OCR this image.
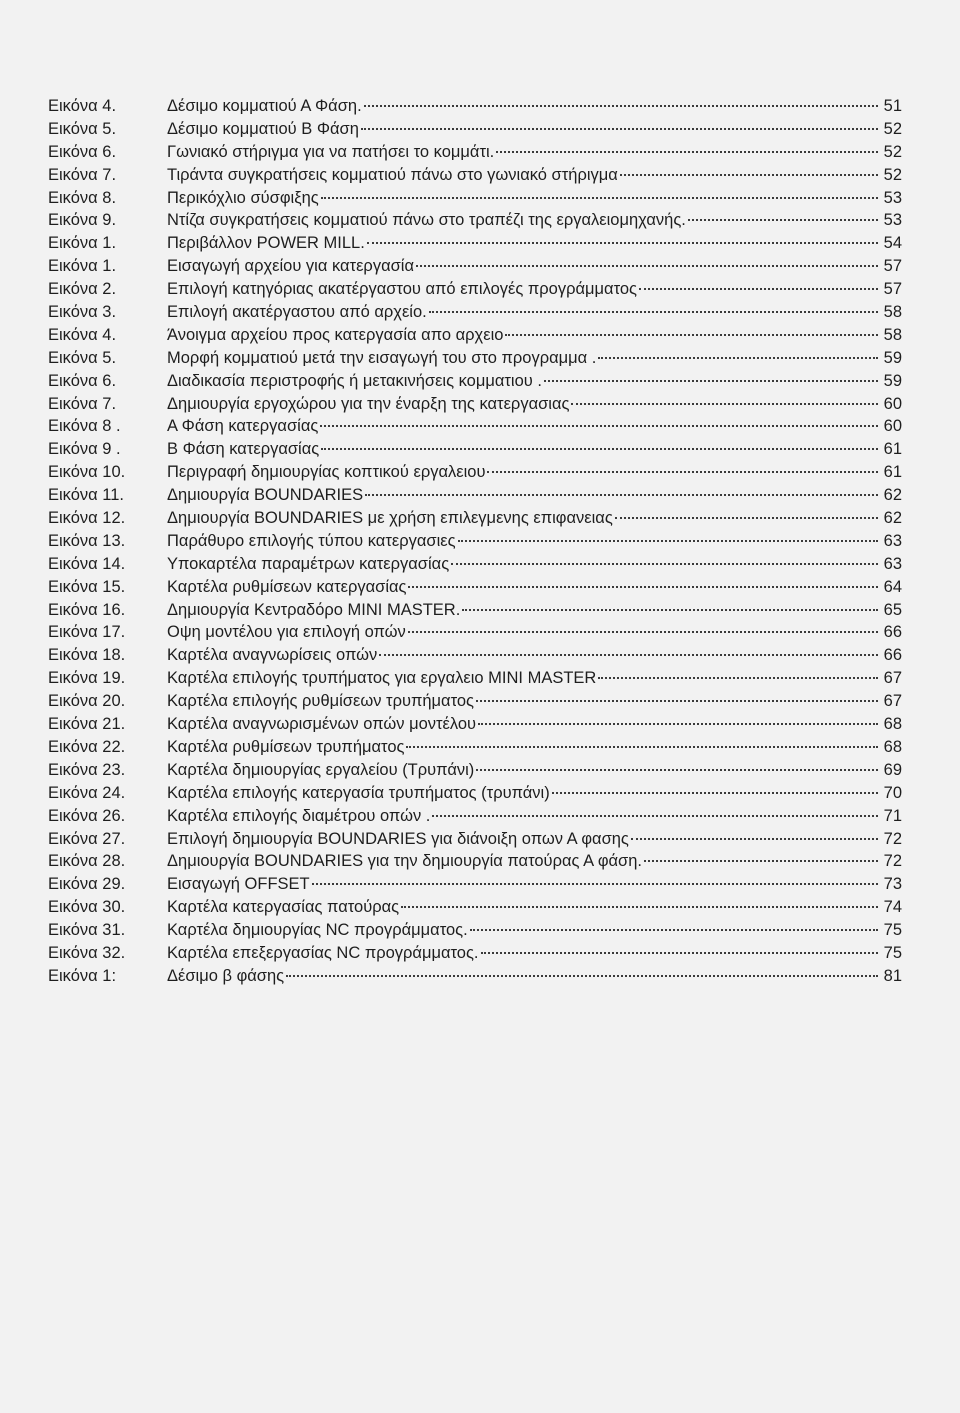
Εικόνα 4.	Δέσιμο κομματιού Α Φάση.	51
Εικόνα 5.	Δέσιμο κομματιού Β Φάση	52
Εικόνα 6.	Γωνιακό στήριγμα για να πατήσει το κομμάτι.	52
Εικόνα 7.	Τιράντα συγκρατήσεις κομματιού πάνω στο γωνιακό στήριγμα	52
Εικόνα 8.	Περικόχλιο σύσφιξης	53
Εικόνα 9.	Ντίζα συγκρατήσεις κομματιού πάνω στο τραπέζι της εργαλειομηχανής.	53
Εικόνα 1.	Περιβάλλον POWER MILL.	54
Εικόνα 1.	Εισαγωγή αρχείου για κατεργασία	57
Εικόνα 2.	Επιλογή κατηγόριας ακατέργαστου από επιλογές προγράμματος	57
Εικόνα 3.	Επιλογή ακατέργαστου από αρχείο.	58
Εικόνα 4.	Άνοιγμα αρχείου προς κατεργασία απο αρχειο	58
Εικόνα 5.	Μορφή κομματιού μετά την εισαγωγή του στο προγραμμα .	59
Εικόνα 6.	Διαδικασία περιστροφής ή μετακινήσεις κομματιου .	59
Εικόνα 7.	Δημιουργία εργοχώρου για την έναρξη της κατεργασιας	60
Εικόνα 8 .	Α Φάση κατεργασίας	60
Εικόνα 9 .	Β Φάση κατεργασίας	61
Εικόνα 10.	Περιγραφή δημιουργίας κοπτικού εργαλειου	61
Εικόνα 11.	Δημιουργία BOUNDARIES	62
Εικόνα 12.	Δημιουργία BOUNDARIES με χρήση επιλεγμενης επιφανειας	62
Εικόνα 13.	Παράθυρο επιλογής τύπου κατεργασιες	63
Εικόνα 14.	Υποκαρτέλα παραμέτρων κατεργασίας	63
Εικόνα 15.	Καρτέλα ρυθμίσεων κατεργασίας	64
Εικόνα 16.	Δημιουργία Κεντραδόρο MINI MASTER.	65
Εικόνα 17.	Οψη μοντέλου για επιλογή οπών	66
Εικόνα 18.	Καρτέλα αναγνωρίσεις οπών	66
Εικόνα 19.	Καρτέλα επιλογής τρυπήματος για εργαλειο MINI MASTER	67
Εικόνα 20.	Καρτέλα επιλογής ρυθμίσεων τρυπήματος	67
Εικόνα 21.	Καρτέλα αναγνωρισμένων οπών μοντέλου	68
Εικόνα 22.	Καρτέλα ρυθμίσεων τρυπήματος	68
Εικόνα 23.	Καρτέλα δημιουργίας εργαλείου (Τρυπάνι)	69
Εικόνα 24.	Καρτέλα επιλογής κατεργασία τρυπήματος (τρυπάνι)	70
Εικόνα 26.	Καρτέλα επιλογής διαμέτρου οπών .	71
Εικόνα 27.	Επιλογή δημιουργία BOUNDARIES για διάνοιξη οπων Α φασης	72
Εικόνα 28.	Δημιουργία BOUNDARIES για την δημιουργία πατούρας Α φάση.	72
Εικόνα 29.	Εισαγωγή OFFSET	73
Εικόνα 30.	Καρτέλα κατεργασίας πατούρας	74
Εικόνα 31.	Καρτέλα δημιουργίας NC προγράμματος.	75
Εικόνα 32.	Καρτέλα επεξεργασίας NC προγράμματος.	75
Εικόνα 1:	Δέσιμο β φάσης	81
